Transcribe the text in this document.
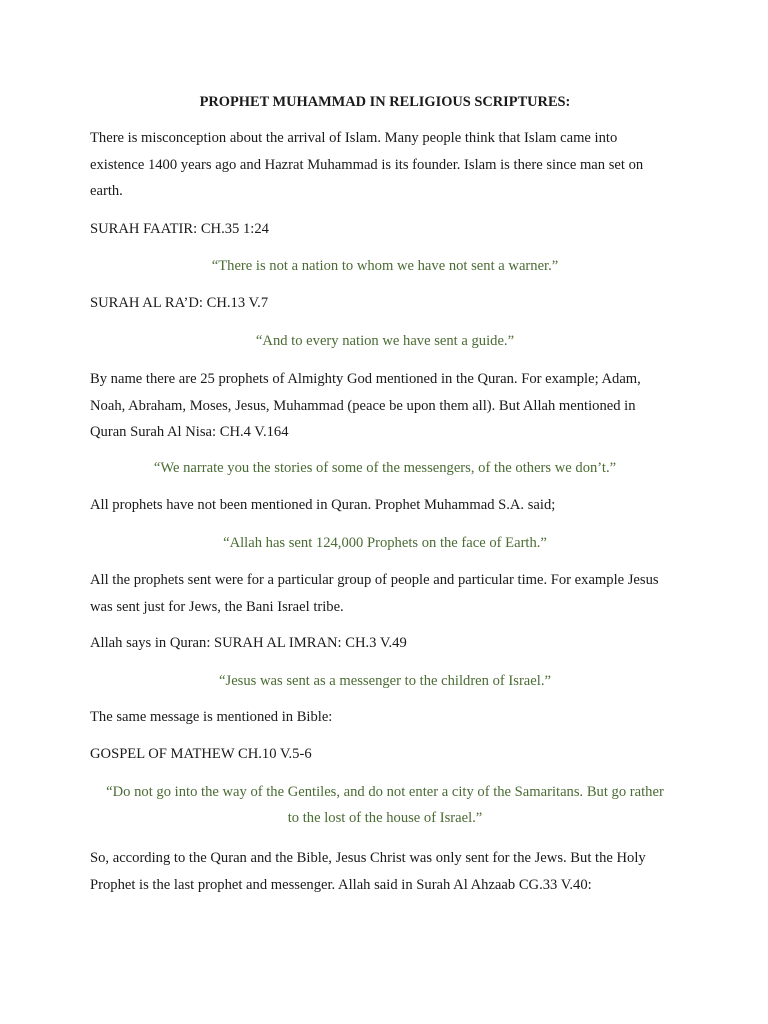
PROPHET MUHAMMAD IN RELIGIOUS SCRIPTURES:
There is misconception about the arrival of Islam. Many people think that Islam came into existence 1400 years ago and Hazrat Muhammad is its founder. Islam is there since man set on earth.
SURAH FAATIR: CH.35 1:24
“There is not a nation to whom we have not sent a warner.”
SURAH AL RA’D: CH.13 V.7
“And to every nation we have sent a guide.”
By name there are 25 prophets of Almighty God mentioned in the Quran. For example; Adam, Noah, Abraham, Moses, Jesus, Muhammad (peace be upon them all). But Allah mentioned in Quran Surah Al Nisa: CH.4 V.164
“We narrate you the stories of some of the messengers, of the others we don’t.”
All prophets have not been mentioned in Quran. Prophet Muhammad S.A. said;
“Allah has sent 124,000 Prophets on the face of Earth.”
All the prophets sent were for a particular group of people and particular time. For example Jesus was sent just for Jews, the Bani Israel tribe.
Allah says in Quran: SURAH AL IMRAN: CH.3 V.49
“Jesus was sent as a messenger to the children of Israel.”
The same message is mentioned in Bible:
GOSPEL OF MATHEW CH.10 V.5-6
“Do not go into the way of the Gentiles, and do not enter a city of the Samaritans. But go rather
to the lost of the house of Israel.”
So, according to the Quran and the Bible, Jesus Christ was only sent for the Jews. But the Holy Prophet is the last prophet and messenger. Allah said in Surah Al Ahzaab CG.33 V.40:
